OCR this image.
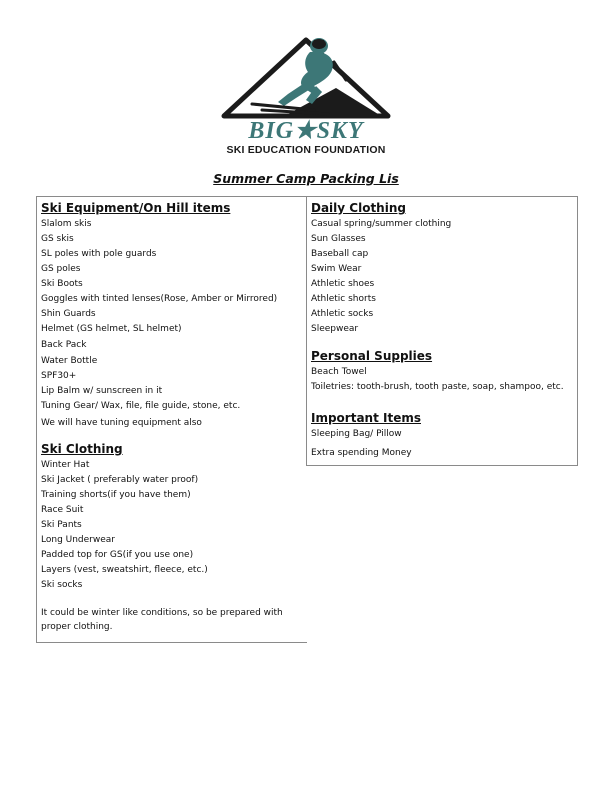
BIG★SKY
SKI EDUCATION FOUNDATION
Summer Camp Packing Lis
Ski Equipment/On Hill items
Slalom skis
GS skis
SL poles with pole guards
GS poles
Ski Boots
Goggles with tinted lenses(Rose, Amber or Mirrored)
Shin Guards
Helmet (GS helmet, SL helmet)
Back Pack
Water Bottle
SPF30+
Lip Balm w/ sunscreen in it
Tuning Gear/ Wax, file, file guide, stone, etc.
We will have tuning equipment also
Ski Clothing
Winter Hat
Ski Jacket ( preferably water proof)
Training shorts(if you have them)
Race Suit
Ski Pants
Long Underwear
Padded top for GS(if you use one)
Layers (vest, sweatshirt, fleece, etc.)
Ski socks
It could be winter like conditions, so be prepared with proper clothing.
Daily Clothing
Casual spring/summer clothing
Sun Glasses
Baseball cap
Swim Wear
Athletic shoes
Athletic shorts
Athletic socks
Sleepwear
Personal Supplies
Beach Towel
Toiletries: tooth-brush, tooth paste, soap, shampoo, etc.
Important Items
Sleeping Bag/ Pillow
Extra spending Money
